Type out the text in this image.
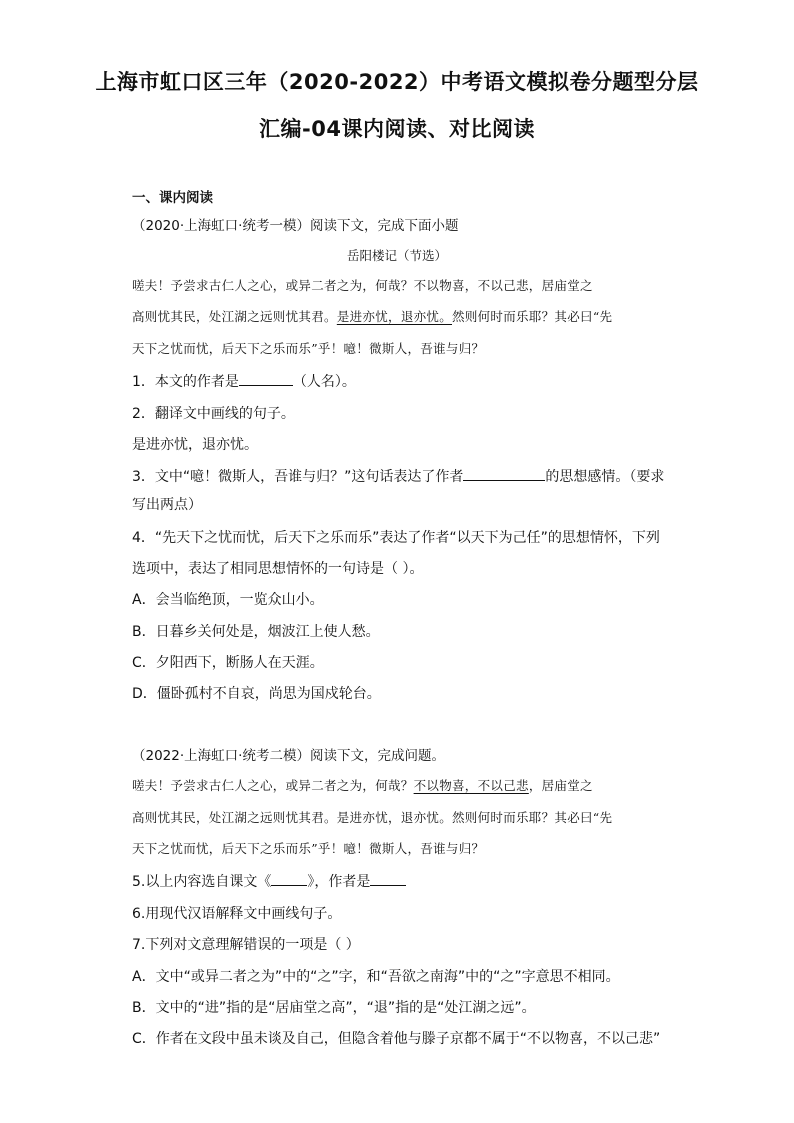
上海市虹口区三年（2020-2022）中考语文模拟卷分题型分层
汇编-04课内阅读、对比阅读
一、课内阅读
（2020·上海虹口·统考一模）阅读下文，完成下面小题
岳阳楼记（节选）
嗟夫！予尝求古仁人之心，或异二者之为，何哉？不以物喜，不以己悲，居庙堂之
高则忧其民，处江湖之远则忧其君。是进亦忧，退亦忧。然则何时而乐耶？其必曰“先
天下之忧而忧，后天下之乐而乐”乎！噫！微斯人，吾谁与归？
1．本文的作者是	（人名）。
2．翻译文中画线的句子。
是进亦忧，退亦忧。
3．文中“噫！微斯人，吾谁与归？”这句话表达了作者	的思想感情。（要求
写出两点）
4．“先天下之忧而忧，后天下之乐而乐”表达了作者“以天下为己任”的思想情怀，下列
选项中，表达了相同思想情怀的一句诗是（ ）。
A．会当临绝顶，一览众山小。
B．日暮乡关何处是，烟波江上使人愁。
C．夕阳西下，断肠人在天涯。
D．僵卧孤村不自哀，尚思为国戍轮台。
（2022·上海虹口·统考二模）阅读下文，完成问题。
嗟夫！予尝求古仁人之心，或异二者之为，何哉？不以物喜，不以己悲，居庙堂之
高则忧其民，处江湖之远则忧其君。是进亦忧，退亦忧。然则何时而乐耶？其必曰“先
天下之忧而忧，后天下之乐而乐”乎！噫！微斯人，吾谁与归？
5.以上内容选自课文《	》，作者是
6.用现代汉语解释文中画线句子。
7.下列对文意理解错误的一项是（ ）
A．文中“或异二者之为”中的“之”字，和“吾欲之南海”中的“之”字意思不相同。
B．文中的“进”指的是“居庙堂之高”，“退”指的是“处江湖之远”。
C．作者在文段中虽未谈及自己，但隐含着他与滕子京都不属于“不以物喜，不以己悲”
